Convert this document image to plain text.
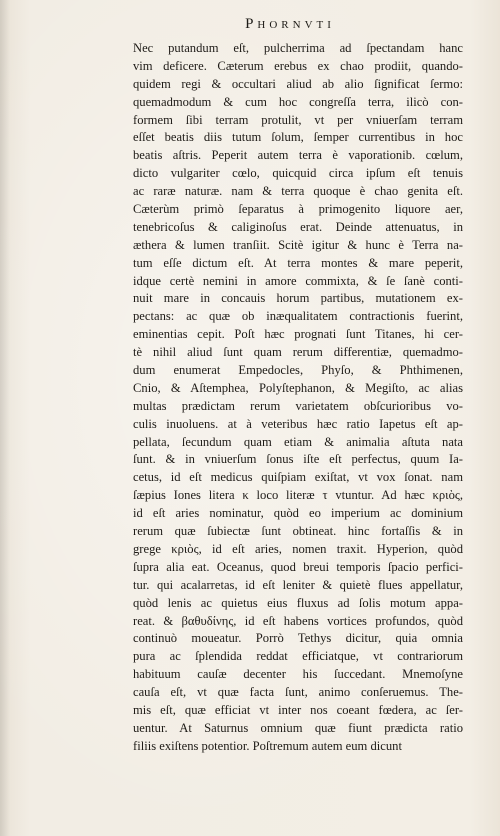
Phornvti
Nec putandum eſt, pulcherrima ad ſpectandam hanc
vim deficere. Cæterum erebus ex chao prodiit, quando-
quidem regi & occultari aliud ab alio ſignificat ſermo:
quemadmodum & cum hoc congreſſa terra, ilicò con-
formem ſibi terram protulit, vt per vniuerſam terram
eſſet beatis diis tutum ſolum, ſemper currentibus in hoc
beatis aſtris. Peperit autem terra è vaporationib. cœlum,
dicto vulgariter cœlo, quicquid circa ipſum eſt tenuis
ac raræ naturæ. nam & terra quoque è chao genita eſt.
Cæterùm primò ſeparatus à primogenito liquore aer,
tenebricoſus & caliginoſus erat. Deinde attenuatus, in
æthera & lumen tranſiit. Scitè igitur & hunc è Terra na-
tum eſſe dictum eſt. At terra montes & mare peperit,
idque certè nemini in amore commixta, & ſe ſanè conti-
nuit mare in concauis horum partibus, mutationem ex-
pectans: ac quæ ob inæqualitatem contractionis fuerint,
eminentias cepit. Poſt hæc prognati ſunt Titanes, hi cer-
tè nihil aliud ſunt quam rerum differentiæ, quemadmo-
dum enumerat Empedocles, Phyſo, & Phthimenen,
Cnio, & Aſtemphea, Polyſtephanon, & Megiſto, ac alias
multas prædictam rerum varietatem obſcurioribus vo-
culis inuoluens. at à veteribus hæc ratio Iapetus eſt ap-
pellata, ſecundum quam etiam & animalia aſtuta nata
ſunt. & in vniuerſum ſonus iſte eſt perfectus, quum Ia-
cetus, id eſt medicus quiſpiam exiſtat, vt vox ſonat. nam
ſæpius Iones litera κ loco literæ τ vtuntur. Ad hæc κριὸς,
id eſt aries nominatur, quòd eo imperium ac dominium
rerum quæ ſubiectæ ſunt obtineat. hinc fortaſſis & in
grege κριὸς, id eſt aries, nomen traxit. Hyperion, quòd
ſupra alia eat. Oceanus, quod breui temporis ſpacio perfici-
tur. qui acalarretas, id eſt leniter & quietè flues appellatur,
quòd lenis ac quietus eius fluxus ad ſolis motum appa-
reat. & βαθυδίνης, id eſt habens vortices profundos, quòd
continuò moueatur. Porrò Tethys dicitur, quia omnia
pura ac ſplendida reddat efficiatque, vt contrariorum
habituum cauſæ decenter his ſuccedant. Mnemoſyne
cauſa eſt, vt quæ facta ſunt, animo conſeruemus. The-
mis eſt, quæ efficiat vt inter nos coeant fœdera, ac ſer-
uentur. At Saturnus omnium quæ fiunt prædicta ratio
filiis exiſtens potentior. Poſtremum autem eum dicunt
